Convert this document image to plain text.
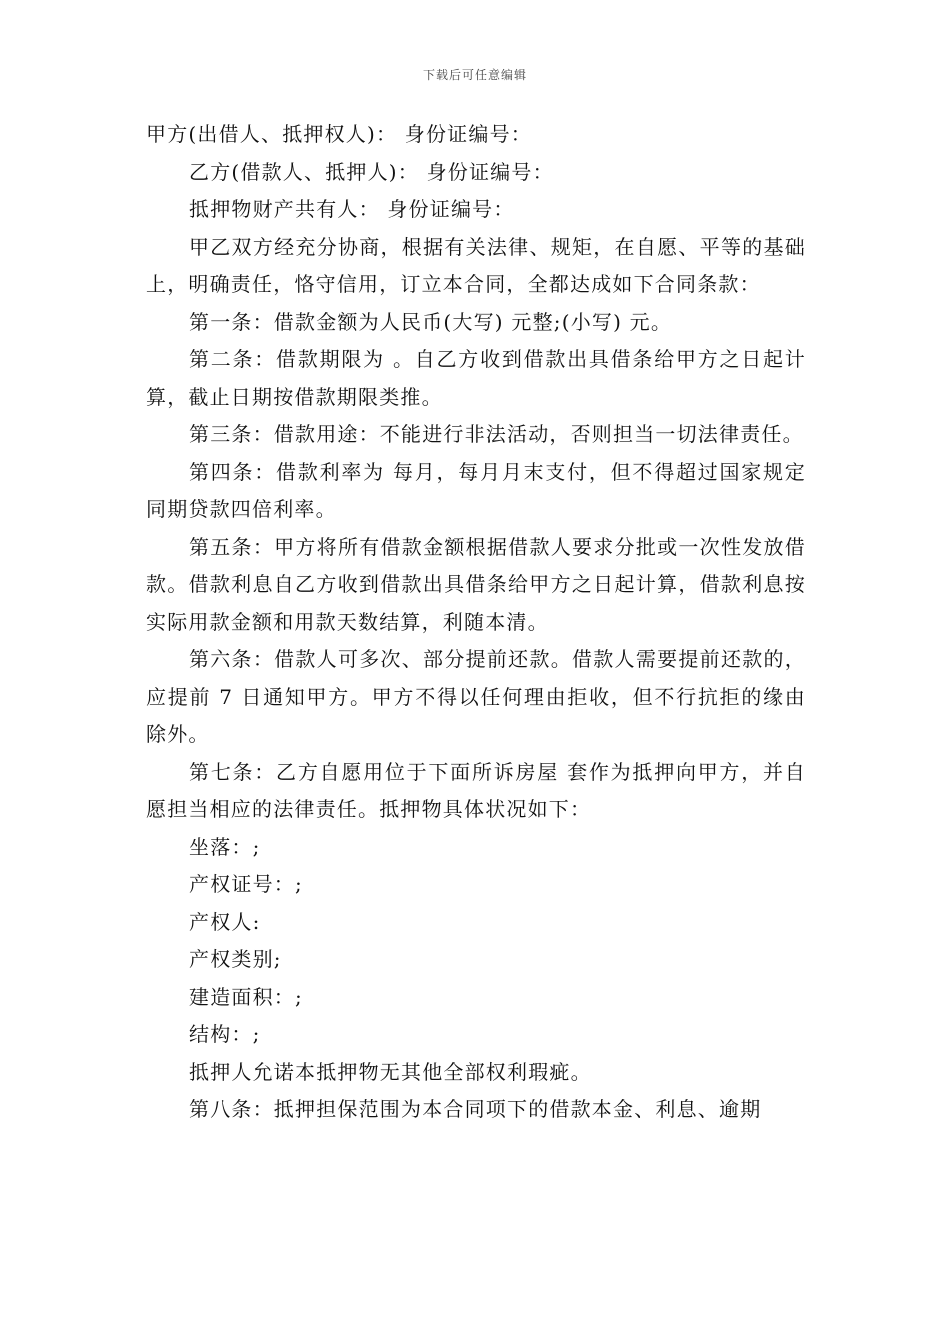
下载后可任意编辑

甲方(出借人、抵押权人)： 身份证编号：

乙方(借款人、抵押人)： 身份证编号：

抵押物财产共有人： 身份证编号：

甲乙双方经充分协商，根据有关法律、规矩，在自愿、平等的基础上，明确责任，恪守信用，订立本合同，全都达成如下合同条款：

第一条：借款金额为人民币(大写) 元整;(小写) 元。

第二条：借款期限为 。自乙方收到借款出具借条给甲方之日起计算，截止日期按借款期限类推。

第三条：借款用途：不能进行非法活动，否则担当一切法律责任。

第四条：借款利率为 每月，每月月末支付，但不得超过国家规定同期贷款四倍利率。

第五条：甲方将所有借款金额根据借款人要求分批或一次性发放借款。借款利息自乙方收到借款出具借条给甲方之日起计算，借款利息按实际用款金额和用款天数结算，利随本清。

第六条：借款人可多次、部分提前还款。借款人需要提前还款的，应提前 7 日通知甲方。甲方不得以任何理由拒收，但不行抗拒的缘由除外。

第七条：乙方自愿用位于下面所诉房屋 套作为抵押向甲方，并自愿担当相应的法律责任。抵押物具体状况如下：

坐落：;

产权证号：;

产权人:

产权类别;

建造面积：;

结构：;

抵押人允诺本抵押物无其他全部权利瑕疵。

第八条：抵押担保范围为本合同项下的借款本金、利息、逾期
